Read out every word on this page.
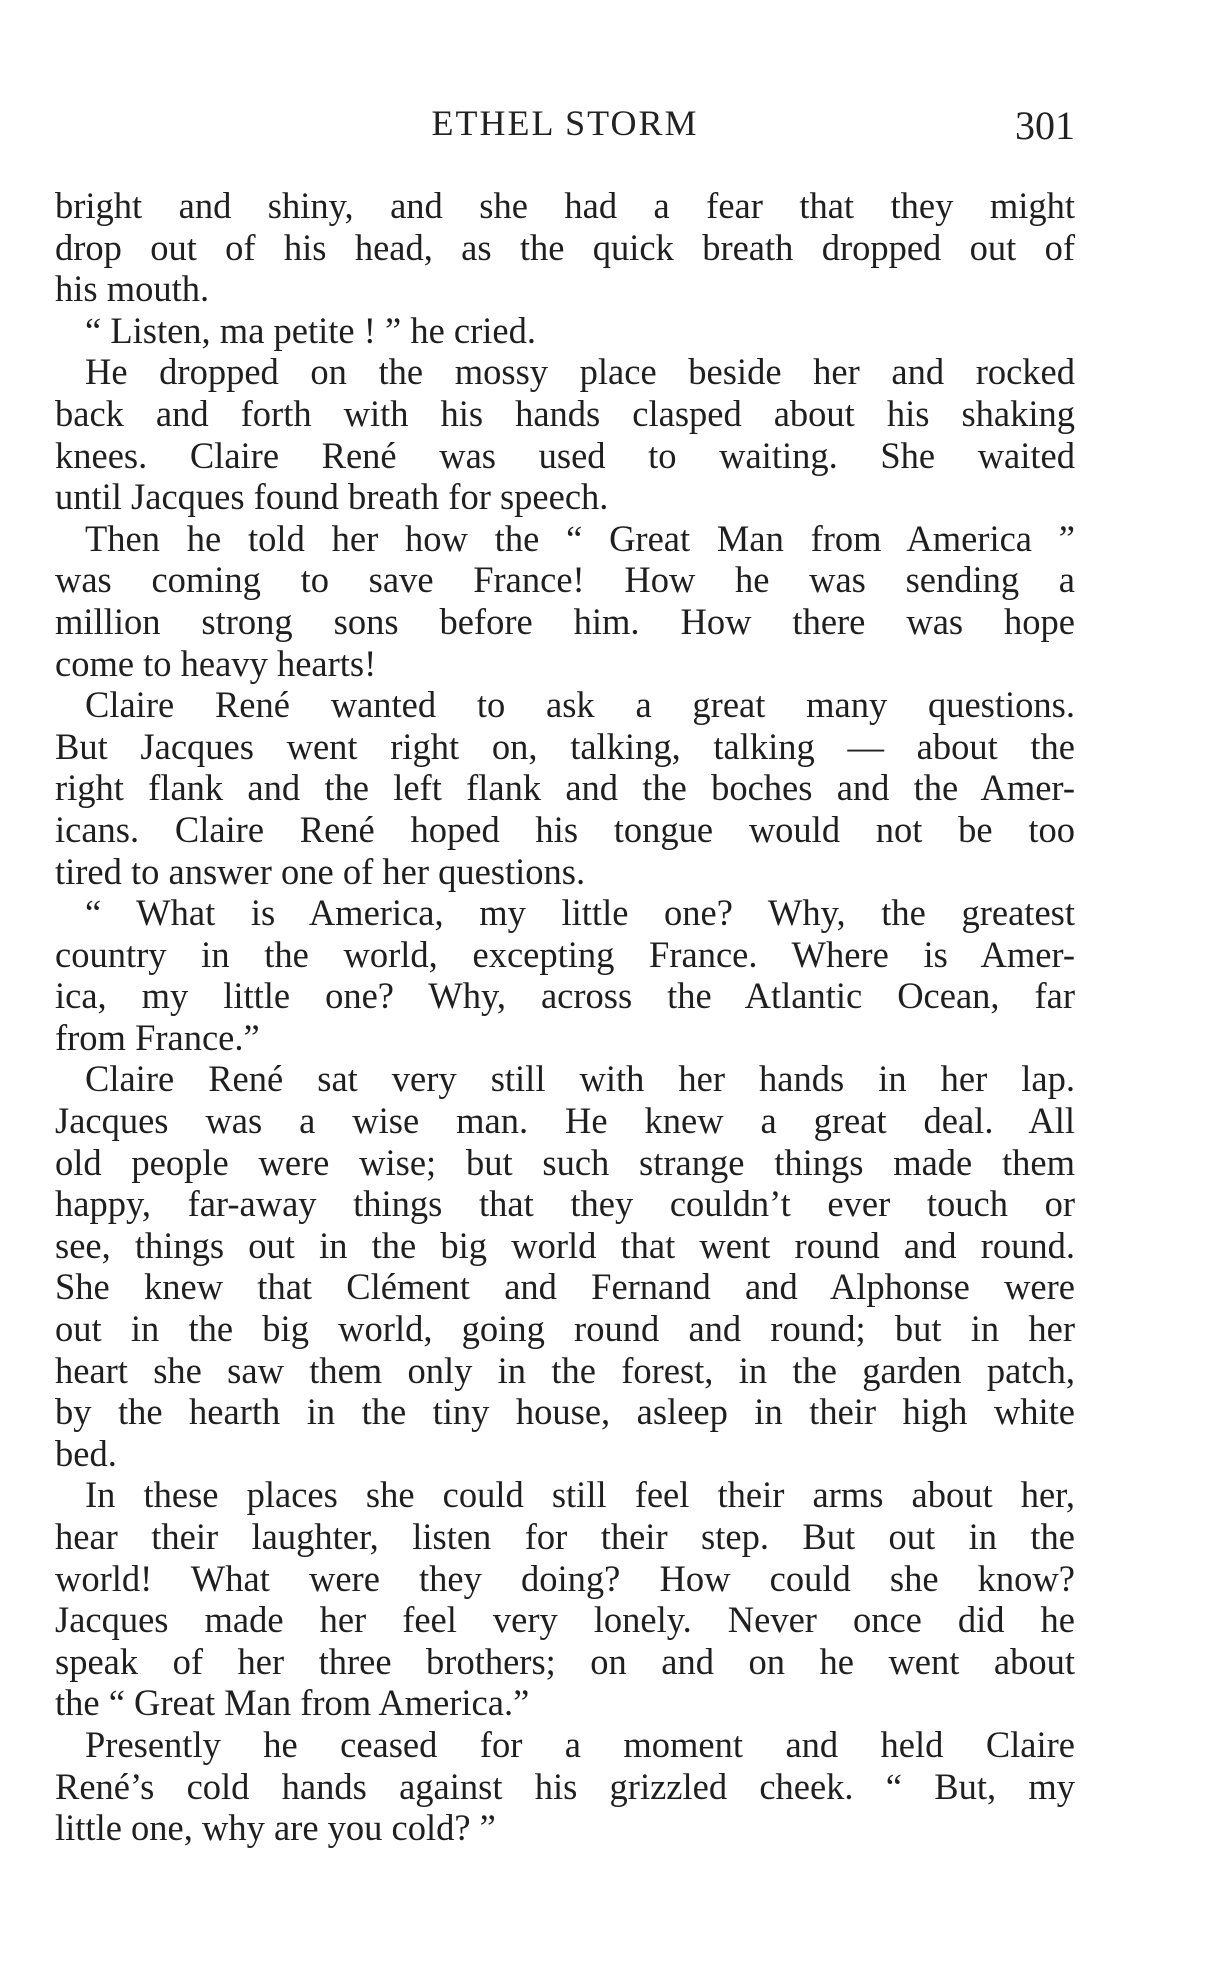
ETHEL STORM	301
bright and shiny, and she had a fear that they might
drop out of his head, as the quick breath dropped out of
his mouth.
“ Listen, ma petite ! ” he cried.
He dropped on the mossy place beside her and rocked
back and forth with his hands clasped about his shaking
knees. Claire René was used to waiting. She waited
until Jacques found breath for speech.
Then he told her how the “ Great Man from America ”
was coming to save France! How he was sending a
million strong sons before him. How there was hope
come to heavy hearts!
Claire René wanted to ask a great many questions.
But Jacques went right on, talking, talking — about the
right flank and the left flank and the boches and the Amer-
icans. Claire René hoped his tongue would not be too
tired to answer one of her questions.
“ What is America, my little one? Why, the greatest
country in the world, excepting France. Where is Amer-
ica, my little one? Why, across the Atlantic Ocean, far
from France.”
Claire René sat very still with her hands in her lap.
Jacques was a wise man. He knew a great deal. All
old people were wise; but such strange things made them
happy, far-away things that they couldn’t ever touch or
see, things out in the big world that went round and round.
She knew that Clément and Fernand and Alphonse were
out in the big world, going round and round; but in her
heart she saw them only in the forest, in the garden patch,
by the hearth in the tiny house, asleep in their high white
bed.
In these places she could still feel their arms about her,
hear their laughter, listen for their step. But out in the
world! What were they doing? How could she know?
Jacques made her feel very lonely. Never once did he
speak of her three brothers; on and on he went about
the “ Great Man from America.”
Presently he ceased for a moment and held Claire
René’s cold hands against his grizzled cheek. “ But, my
little one, why are you cold? ”
